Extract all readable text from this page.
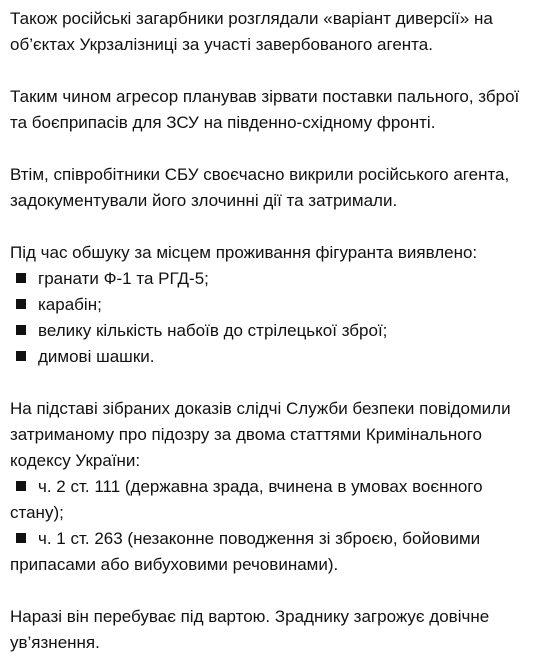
Також російські загарбники розглядали «варіант диверсії» на об’єктах Укрзалізниці за участі завербованого агента.

Таким чином агресор планував зірвати поставки пального, зброї та боєприпасів для ЗСУ на південно-східному фронті.

Втім, співробітники СБУ своєчасно викрили російського агента, задокументували його злочинні дії та затримали.

Під час обшуку за місцем проживання фігуранта виявлено:

гранати Ф-1 та РГД-5;
карабін;
велику кількість набоїв до стрілецької зброї;
димові шашки.

На підставі зібраних доказів слідчі Служби безпеки повідомили затриманому про підозру за двома статтями Кримінального кодексу України:

ч. 2 ст. 111 (державна зрада, вчинена в умовах воєнного стану);
ч. 1 ст. 263 (незаконне поводження зі зброєю, бойовими припасами або вибуховими речовинами).

Наразі він перебуває під вартою. Зраднику загрожує довічне ув’язнення.
